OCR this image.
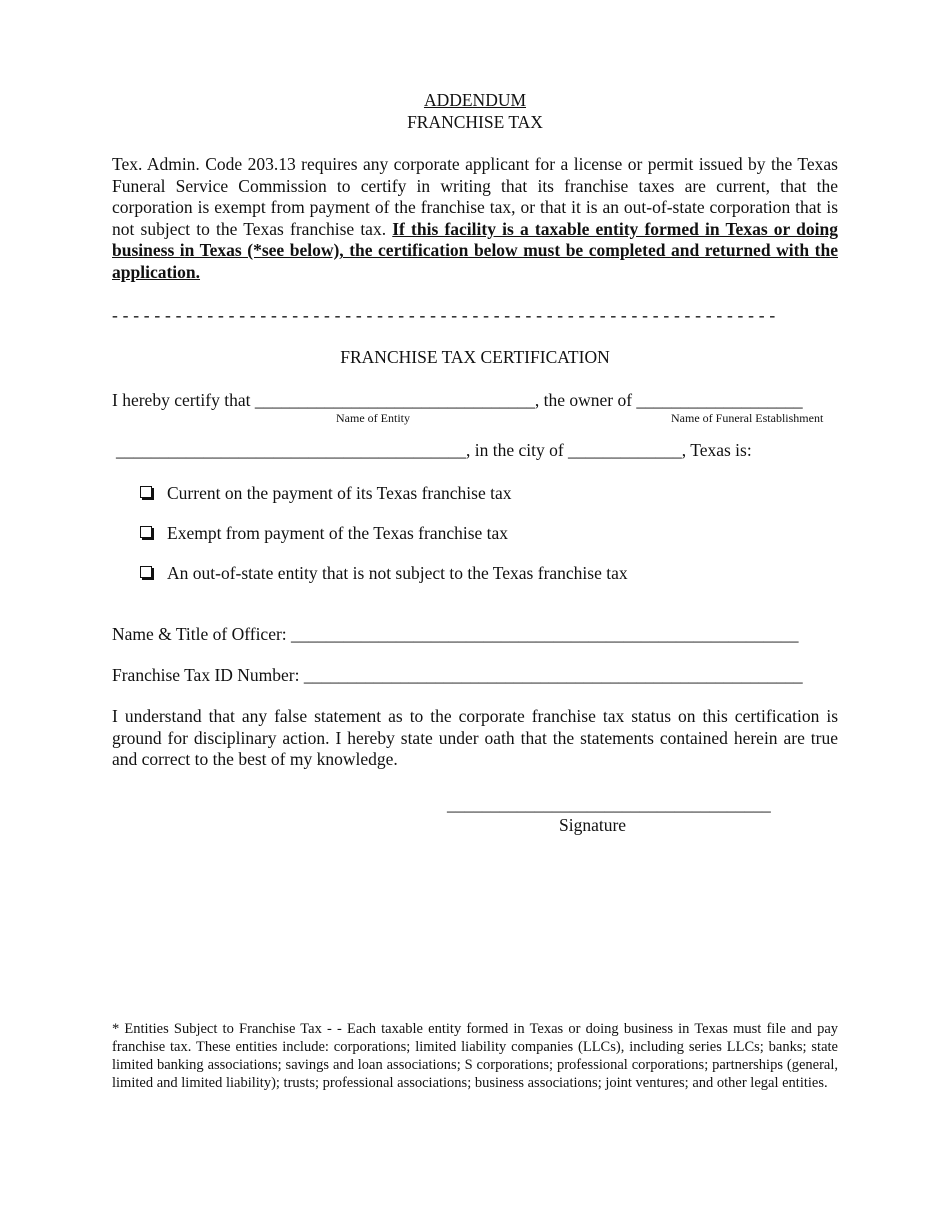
ADDENDUM
FRANCHISE TAX
Tex. Admin. Code 203.13 requires any corporate applicant for a license or permit issued by the Texas Funeral Service Commission to certify in writing that its franchise taxes are current, that the corporation is exempt from payment of the franchise tax, or that it is an out-of-state corporation that is not subject to the Texas franchise tax. If this facility is a taxable entity formed in Texas or doing business in Texas (*see below), the certification below must be completed and returned with the application.
- - - - - - - - - - - - - - - - - - - - - - - - - - - - - - - - - - - - - - - - - - - - - - - - - - - - - - - - - - - - - - -
FRANCHISE TAX CERTIFICATION
I hereby certify that ________________________________, the owner of ___________________
Name of Entity	Name of Funeral Establishment
________________________________________, in the city of _____________, Texas is:
Current on the payment of its Texas franchise tax
Exempt from payment of the Texas franchise tax
An out-of-state entity that is not subject to the Texas franchise tax
Name & Title of Officer: __________________________________________________________
Franchise Tax ID Number: _________________________________________________________
I understand that any false statement as to the corporate franchise tax status on this certification is ground for disciplinary action. I hereby state under oath that the statements contained herein are true and correct to the best of my knowledge.
_____________________________________
Signature
* Entities Subject to Franchise Tax - - Each taxable entity formed in Texas or doing business in Texas must file and pay franchise tax. These entities include: corporations; limited liability companies (LLCs), including series LLCs; banks; state limited banking associations; savings and loan associations; S corporations; professional corporations; partnerships (general, limited and limited liability); trusts; professional associations; business associations; joint ventures; and other legal entities.
